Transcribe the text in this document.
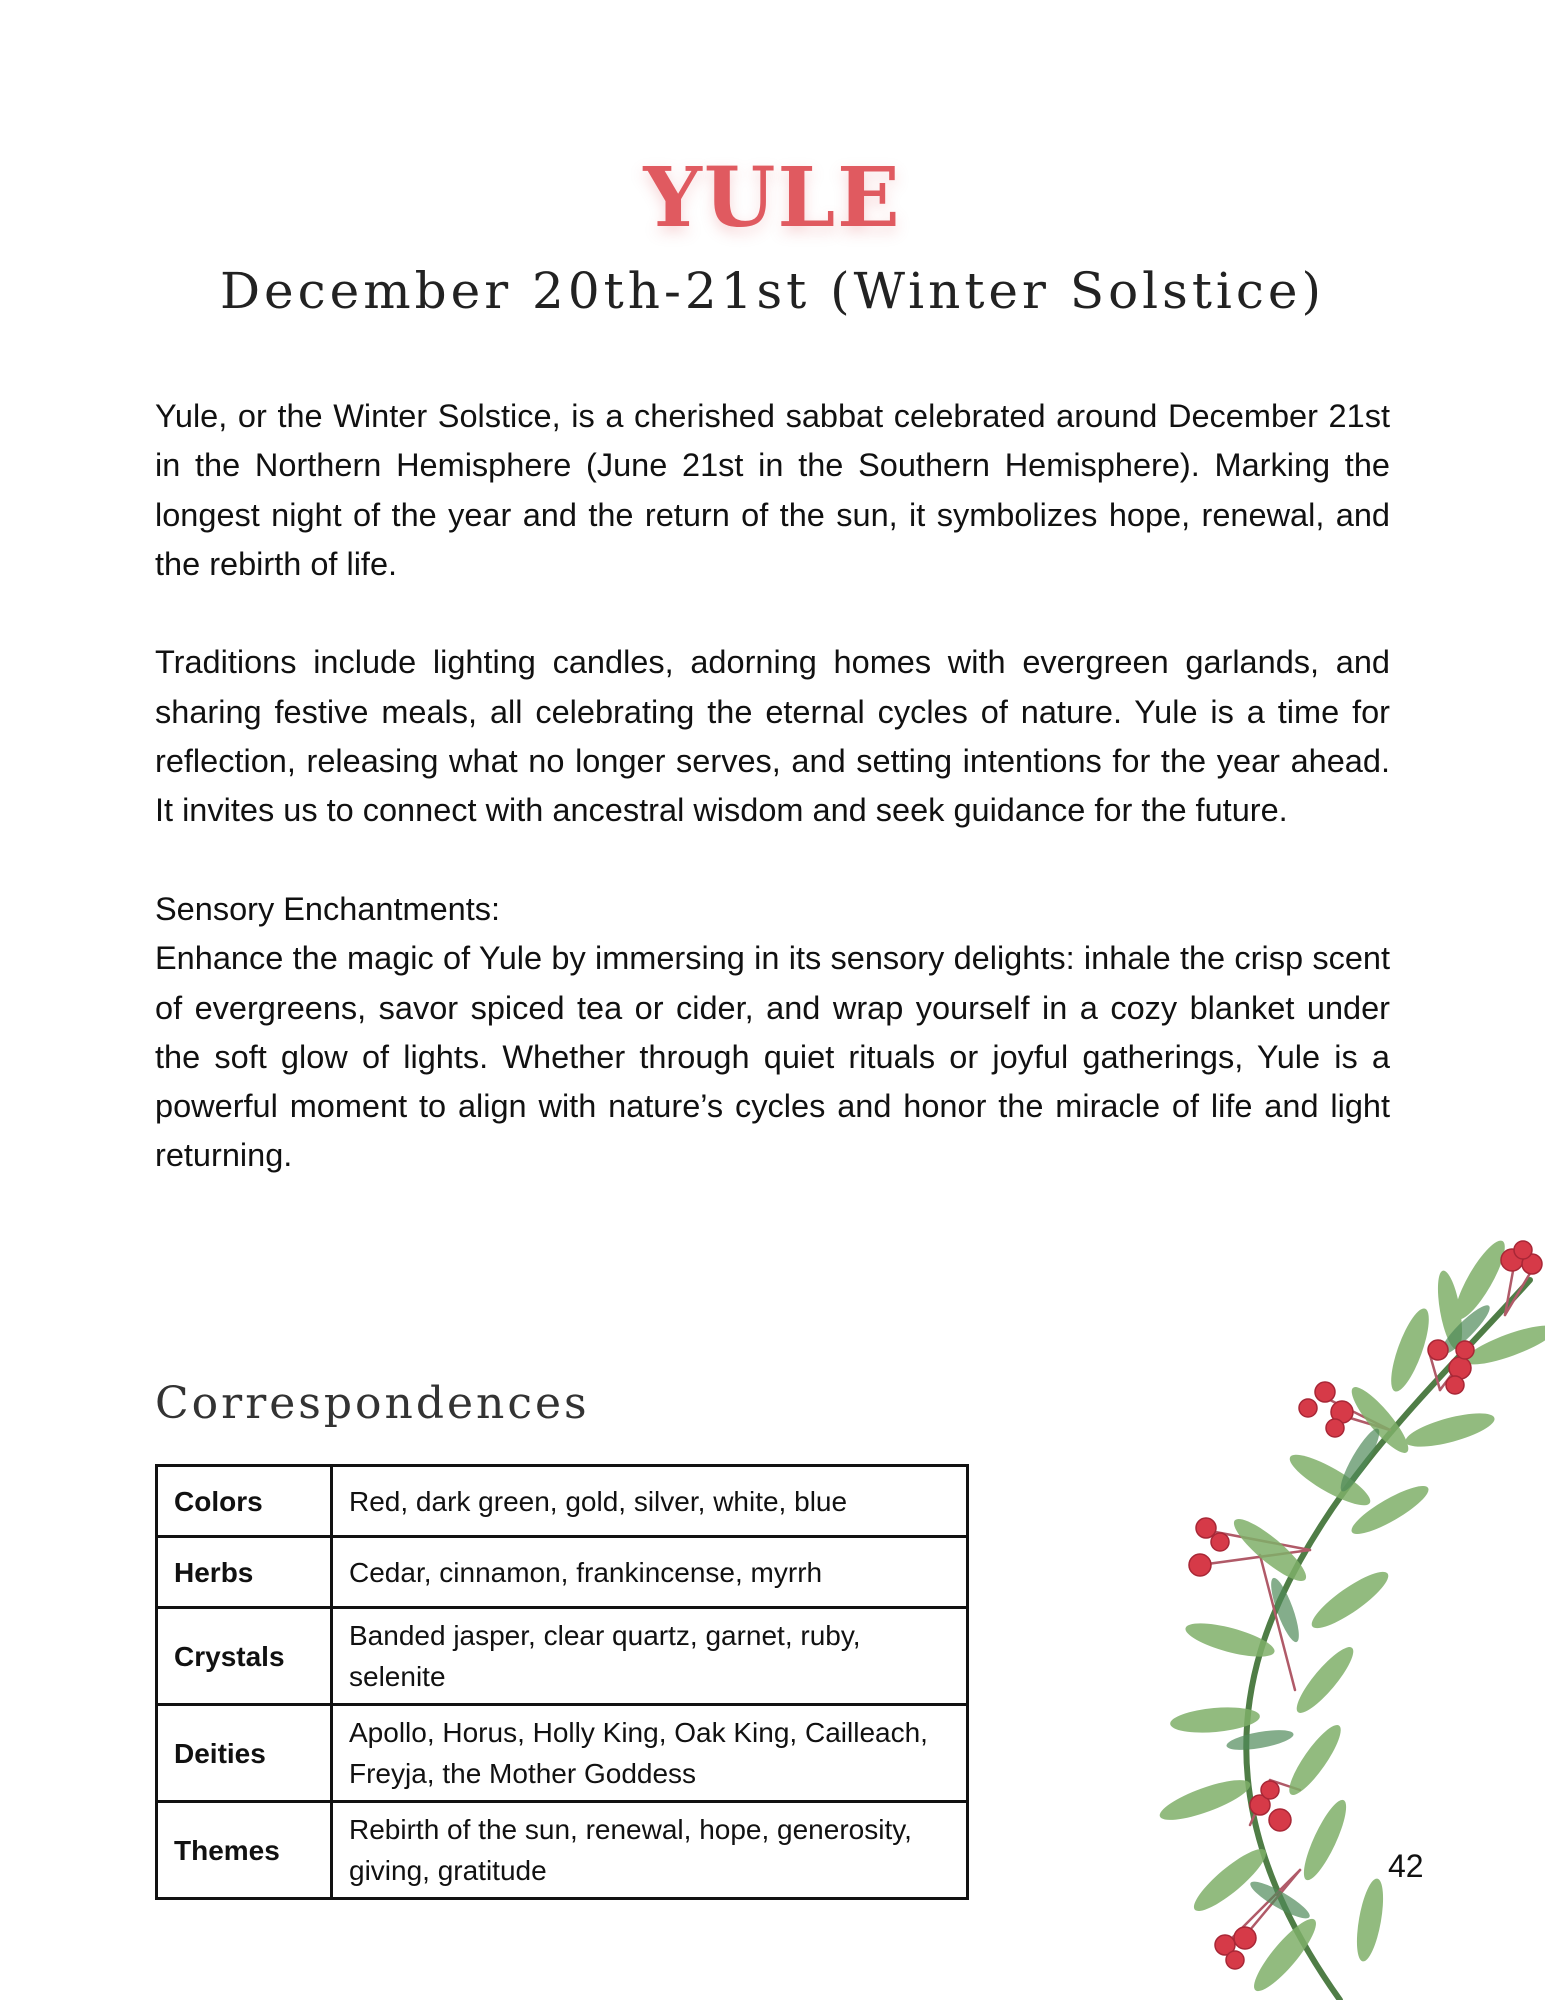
YULE
December 20th-21st (Winter Solstice)

Yule, or the Winter Solstice, is a cherished sabbat celebrated around December 21st in the Northern Hemisphere (June 21st in the Southern Hemisphere). Marking the longest night of the year and the return of the sun, it symbolizes hope, renewal, and the rebirth of life.

Traditions include lighting candles, adorning homes with evergreen garlands, and sharing festive meals, all celebrating the eternal cycles of nature. Yule is a time for reflection, releasing what no longer serves, and setting intentions for the year ahead. It invites us to connect with ancestral wisdom and seek guidance for the future.

Sensory Enchantments:
Enhance the magic of Yule by immersing in its sensory delights: inhale the crisp scent of evergreens, savor spiced tea or cider, and wrap yourself in a cozy blanket under the soft glow of lights. Whether through quiet rituals or joyful gatherings, Yule is a powerful moment to align with nature’s cycles and honor the miracle of life and light returning.

Correspondences
Colors	Red, dark green, gold, silver, white, blue
Herbs	Cedar, cinnamon, frankincense, myrrh
Crystals	Banded jasper, clear quartz, garnet, ruby, selenite
Deities	Apollo, Horus, Holly King, Oak King, Cailleach, Freyja, the Mother Goddess
Themes	Rebirth of the sun, renewal, hope, generosity, giving, gratitude	42
